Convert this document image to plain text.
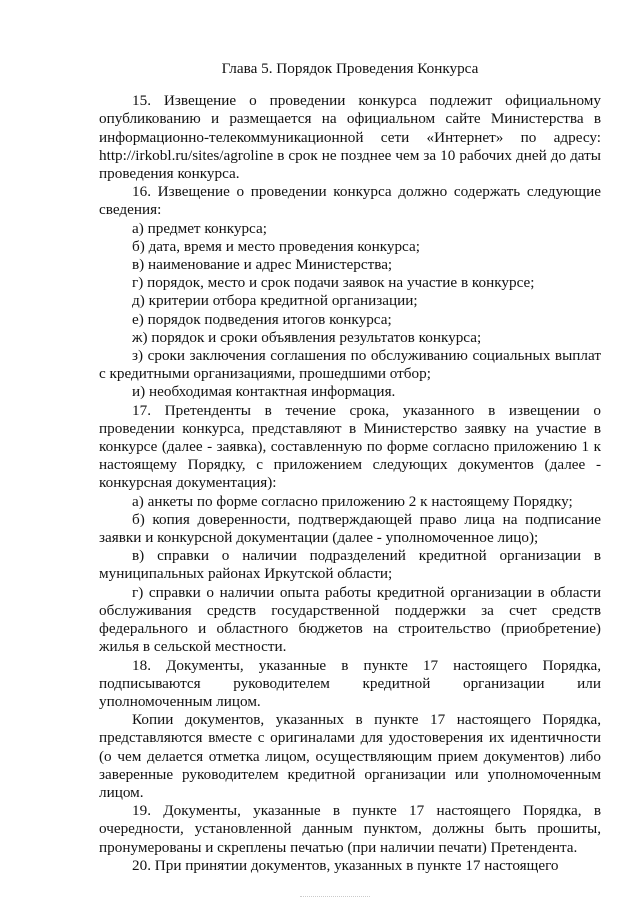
Глава 5. Порядок Проведения Конкурса

15. Извещение о проведении конкурса подлежит официальному опубликованию и размещается на официальном сайте Министерства в информационно-телекоммуникационной сети «Интернет» по адресу: http://irkobl.ru/sites/agroline в срок не позднее чем за 10 рабочих дней до даты проведения конкурса.

16. Извещение о проведении конкурса должно содержать следующие сведения:

а) предмет конкурса;

б) дата, время и место проведения конкурса;

в) наименование и адрес Министерства;

г) порядок, место и срок подачи заявок на участие в конкурсе;

д) критерии отбора кредитной организации;

е) порядок подведения итогов конкурса;

ж) порядок и сроки объявления результатов конкурса;

з) сроки заключения соглашения по обслуживанию социальных выплат с кредитными организациями, прошедшими отбор;

и) необходимая контактная информация.

17. Претенденты в течение срока, указанного в извещении о проведении конкурса, представляют в Министерство заявку на участие в конкурсе (далее - заявка), составленную по форме согласно приложению 1 к настоящему Порядку, с приложением следующих документов (далее - конкурсная документация):

а) анкеты по форме согласно приложению 2 к настоящему Порядку;

б) копия доверенности, подтверждающей право лица на подписание заявки и конкурсной документации (далее - уполномоченное лицо);

в) справки о наличии подразделений кредитной организации в муниципальных районах Иркутской области;

г) справки о наличии опыта работы кредитной организации в области обслуживания средств государственной поддержки за счет средств федерального и областного бюджетов на строительство (приобретение) жилья в сельской местности.

18. Документы, указанные в пункте 17 настоящего Порядка, подписываются руководителем кредитной организации или уполномоченным лицом.

Копии документов, указанных в пункте 17 настоящего Порядка, представляются вместе с оригиналами для удостоверения их идентичности (о чем делается отметка лицом, осуществляющим прием документов) либо заверенные руководителем кредитной организации или уполномоченным лицом.

19. Документы, указанные в пункте 17 настоящего Порядка, в очередности, установленной данным пунктом, должны быть прошиты, пронумерованы и скреплены печатью (при наличии печати) Претендента.

20. При принятии документов, указанных в пункте 17 настоящего
